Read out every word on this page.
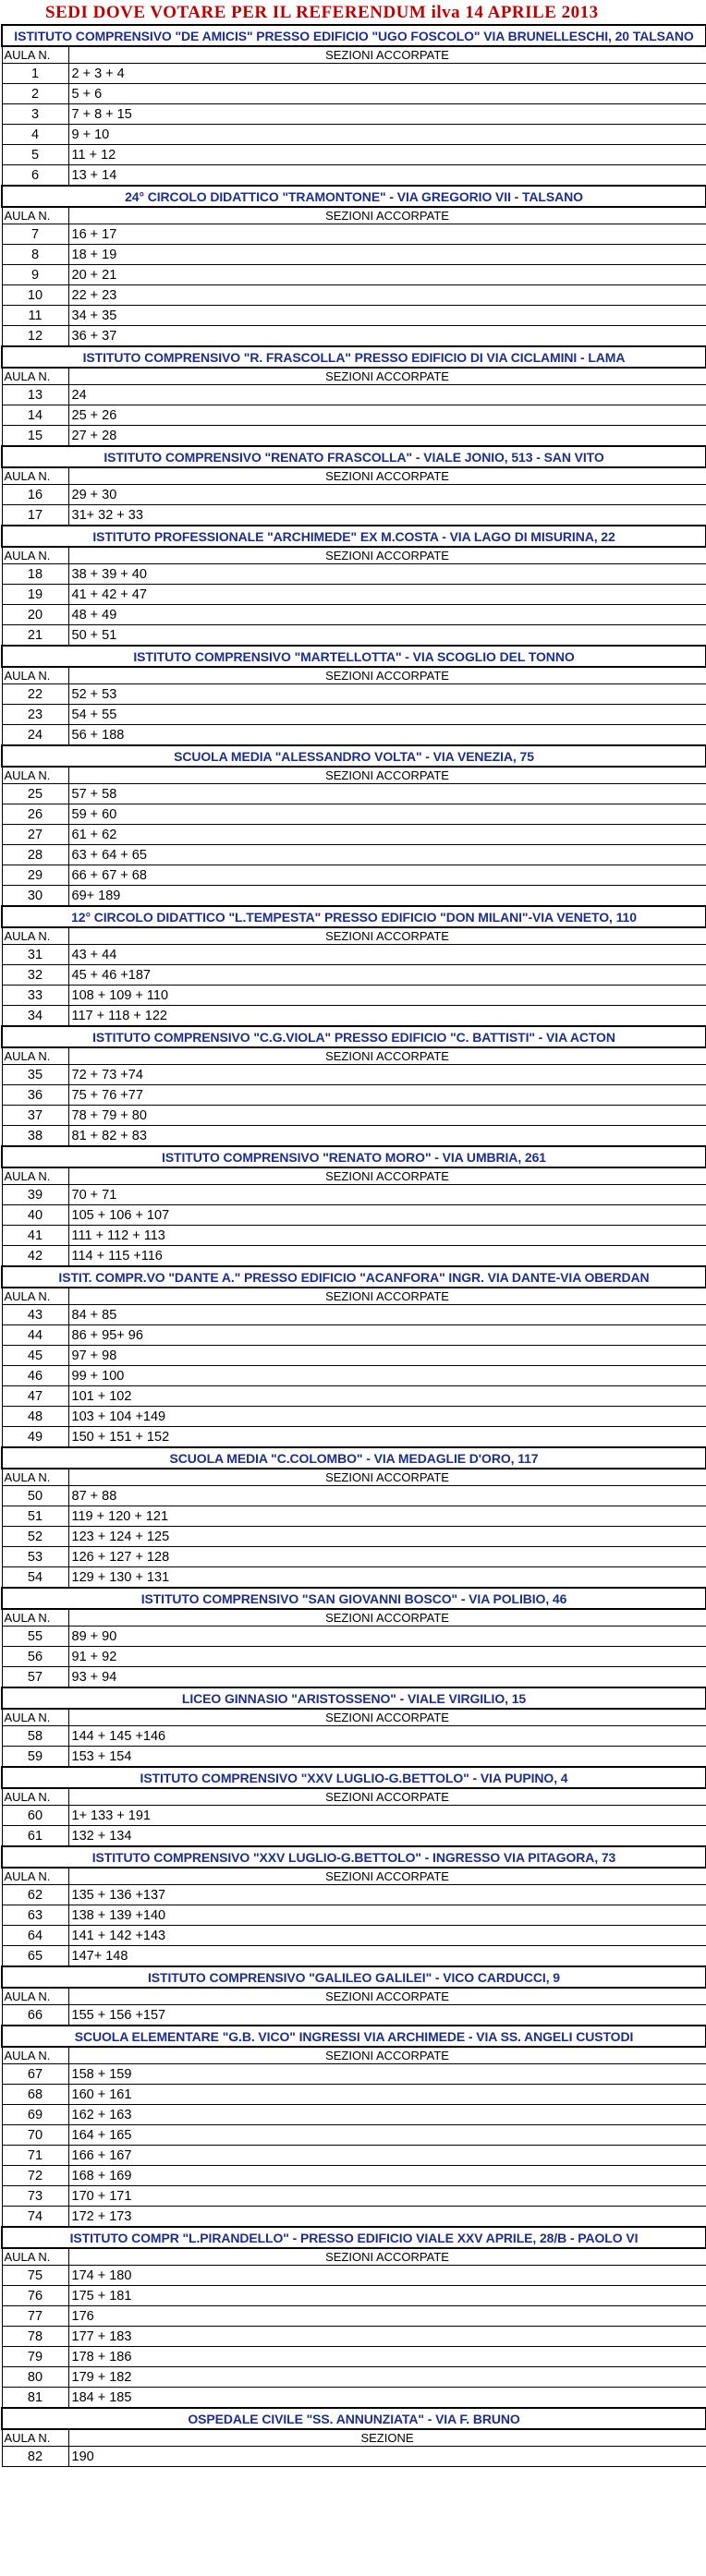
SEDI DOVE VOTARE PER IL REFERENDUM ilva 14 APRILE 2013
ISTITUTO COMPRENSIVO "DE AMICIS" PRESSO EDIFICIO "UGO FOSCOLO" VIA BRUNELLESCHI, 20 TALSANO	
AULA N.	SEZIONI ACCORPATE
1	2 + 3 + 4
2	5 + 6
3	7 + 8 + 15
4	9 + 10
5	11 + 12
6	13 + 14
24° CIRCOLO DIDATTICO "TRAMONTONE" - VIA GREGORIO VII - TALSANO	
AULA N.	SEZIONI ACCORPATE
7	16 + 17
8	18 + 19
9	20 + 21
10	22 + 23
11	34 + 35
12	36 + 37
ISTITUTO COMPRENSIVO "R. FRASCOLLA" PRESSO EDIFICIO DI VIA CICLAMINI - LAMA	
AULA N.	SEZIONI ACCORPATE
13	24
14	25 + 26
15	27 + 28
ISTITUTO COMPRENSIVO "RENATO FRASCOLLA" - VIALE JONIO, 513 - SAN VITO	
AULA N.	SEZIONI ACCORPATE
16	29 + 30
17	31+ 32 + 33
ISTITUTO PROFESSIONALE "ARCHIMEDE" EX M.COSTA - VIA LAGO DI MISURINA, 22	
AULA N.	SEZIONI ACCORPATE
18	38 + 39 + 40
19	41 + 42 + 47
20	48 + 49
21	50 + 51
ISTITUTO COMPRENSIVO "MARTELLOTTA" - VIA SCOGLIO DEL TONNO	
AULA N.	SEZIONI ACCORPATE
22	52 + 53
23	54 + 55
24	56 + 188
SCUOLA MEDIA "ALESSANDRO VOLTA" - VIA VENEZIA, 75	
AULA N.	SEZIONI ACCORPATE
25	57 + 58
26	59 + 60
27	61 + 62
28	63 + 64 + 65
29	66 + 67 + 68
30	69+ 189
12° CIRCOLO DIDATTICO "L.TEMPESTA" PRESSO EDIFICIO "DON MILANI"-VIA VENETO, 110	
AULA N.	SEZIONI ACCORPATE
31	43 + 44
32	45 + 46 +187
33	108 + 109 + 110
34	117 + 118 + 122
ISTITUTO COMPRENSIVO "C.G.VIOLA" PRESSO EDIFICIO "C. BATTISTI" - VIA ACTON	
AULA N.	SEZIONI ACCORPATE
35	72 + 73 +74
36	75 + 76 +77
37	78 + 79 + 80
38	81 + 82 + 83
ISTITUTO COMPRENSIVO "RENATO MORO" - VIA UMBRIA, 261	
AULA N.	SEZIONI ACCORPATE
39	70 + 71
40	105 + 106 + 107
41	111 + 112 + 113
42	114 + 115 +116
ISTIT. COMPR.VO "DANTE A." PRESSO EDIFICIO "ACANFORA" INGR. VIA DANTE-VIA OBERDAN	
AULA N.	SEZIONI ACCORPATE
43	84 + 85
44	86 + 95+ 96
45	97 + 98
46	99 + 100
47	101 + 102
48	103 + 104 +149
49	150 + 151 + 152
SCUOLA MEDIA "C.COLOMBO" - VIA MEDAGLIE D'ORO, 117	
AULA N.	SEZIONI ACCORPATE
50	87 + 88
51	119 + 120 + 121
52	123 + 124 + 125
53	126 + 127 + 128
54	129 + 130 + 131
ISTITUTO COMPRENSIVO "SAN GIOVANNI BOSCO" - VIA POLIBIO, 46	
AULA N.	SEZIONI ACCORPATE
55	89 + 90
56	91 + 92
57	93 + 94
LICEO GINNASIO "ARISTOSSENO" - VIALE VIRGILIO, 15	
AULA N.	SEZIONI ACCORPATE
58	144 + 145 +146
59	153 + 154
ISTITUTO COMPRENSIVO "XXV LUGLIO-G.BETTOLO" - VIA PUPINO, 4	
AULA N.	SEZIONI ACCORPATE
60	1+ 133 + 191
61	132 + 134
ISTITUTO COMPRENSIVO "XXV LUGLIO-G.BETTOLO" - INGRESSO VIA PITAGORA, 73	
AULA N.	SEZIONI ACCORPATE
62	135 + 136 +137
63	138 + 139 +140
64	141 + 142 +143
65	147+ 148
ISTITUTO COMPRENSIVO "GALILEO GALILEI" - VICO CARDUCCI, 9	
AULA N.	SEZIONI ACCORPATE
66	155 + 156 +157
SCUOLA ELEMENTARE "G.B. VICO" INGRESSI VIA ARCHIMEDE - VIA SS. ANGELI CUSTODI	
AULA N.	SEZIONI ACCORPATE
67	158 + 159
68	160 + 161
69	162 + 163
70	164 + 165
71	166 + 167
72	168 + 169
73	170 + 171
74	172 + 173
ISTITUTO COMPR "L.PIRANDELLO" - PRESSO EDIFICIO VIALE XXV APRILE, 28/B - PAOLO VI	
AULA N.	SEZIONI ACCORPATE
75	174 + 180
76	175 + 181
77	176
78	177 + 183
79	178 + 186
80	179 + 182
81	184 + 185
OSPEDALE CIVILE "SS. ANNUNZIATA" - VIA F. BRUNO	
AULA N.	SEZIONE
82	190
